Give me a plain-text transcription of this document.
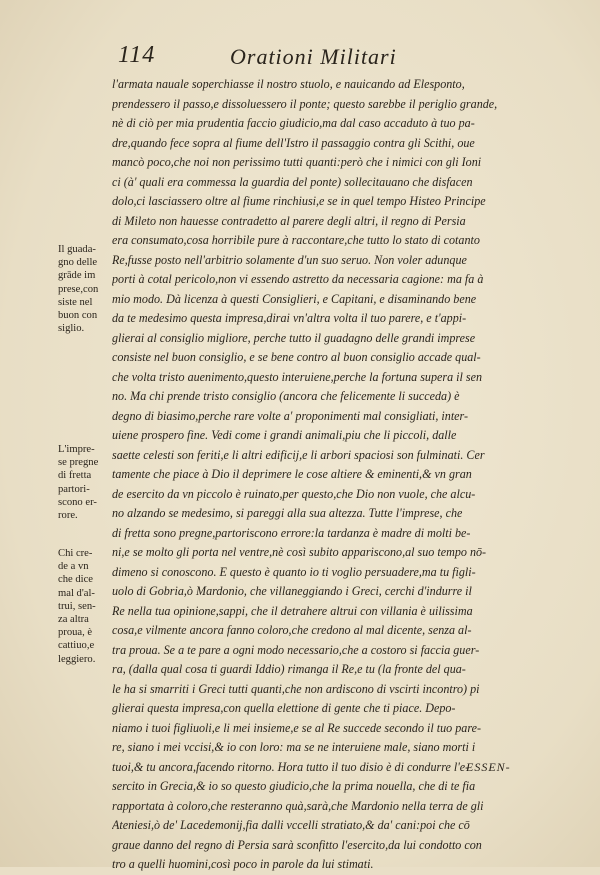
114	Orationi Militari
l'armata nauale soperchiasse il nostro stuolo, e nauicando ad Elesponto,
prendessero il passo,e dissoluessero il ponte; questo sarebbe il periglio grande,
nè di ciò per mia prudentia faccio giudicio,ma dal caso accaduto à tuo pa-
dre,quando fece sopra al fiume dell'Istro il passaggio contra gli Scithi, oue
mancò poco,che noi non perissimo tutti quanti:però che i nimici con gli Ioni
ci (à' quali era commessa la guardia del ponte) sollecitauano che disfacen
dolo,ci lasciassero oltre al fiume rinchiusi,e se in quel tempo Histeo Principe
di Mileto non hauesse contradetto al parere degli altri, il regno di Persia
era consumato,cosa horribile pure à raccontare,che tutto lo stato di cotanto
Re,fusse posto nell'arbitrio solamente d'un suo seruo. Non voler adunque
porti à cotal pericolo,non vi essendo astretto da necessaria cagione: ma fa à
mio modo. Dà licenza à questi Consiglieri, e Capitani, e disaminando bene
da te medesimo questa impresa,dirai vn'altra volta il tuo parere, e t'appi-
glierai al consiglio migliore, perche tutto il guadagno delle grandi imprese
consiste nel buon consiglio, e se bene contro al buon consiglio accade qual-
che volta tristo auenimento,questo interuiene,perche la fortuna supera il sen
no. Ma chi prende tristo consiglio (ancora che felicemente li succeda) è
degno di biasimo,perche rare volte a' proponimenti mal consigliati, inter-
uiene prospero fine. Vedi come i grandi animali,piu che li piccoli, dalle
saette celesti son feriti,e li altri edificij,e li arbori spaciosi son fulminati. Cer
tamente che piace à Dio il deprimere le cose altiere & eminenti,& vn gran
de esercito da vn piccolo è ruinato,per questo,che Dio non vuole, che alcu-
no alzando se medesimo, si pareggi alla sua altezza. Tutte l'imprese, che
di fretta sono pregne,partoriscono errore:la tardanza è madre di molti be-
ni,e se molto gli porta nel ventre,nè così subito appariscono,al suo tempo nō-
dimeno si conoscono. E questo è quanto io ti voglio persuadere,ma tu figli-
uolo di Gobria,ò Mardonio, che villaneggiando i Greci, cerchi d'indurre il
Re nella tua opinione,sappi, che il detrahere altrui con villania è uilissima
cosa,e vilmente ancora fanno coloro,che credono al mal dicente, senza al-
tra proua. Se a te pare a ogni modo necessario,che a costoro si faccia guer-
ra, (dalla qual cosa ti guardi Iddio) rimanga il Re,e tu (la fronte del qua-
le ha si smarriti i Greci tutti quanti,che non ardiscono di vscirti incontro) pi
glierai questa impresa,con quella elettione di gente che ti piace. Depo-
niamo i tuoi figliuoli,e li mei insieme,e se al Re succede secondo il tuo pare-
re, siano i mei vccisi,& io con loro: ma se ne interuiene male, siano morti i
tuoi,& tu ancora,facendo ritorno. Hora tutto il tuo disio è di condurre l'e-
sercito in Grecia,& io so questo giudicio,che la prima nouella, che di te fia
rapportata à coloro,che resteranno quà,sarà,che Mardonio nella terra de gli
Ateniesi,ò de' Lacedemonij,fia dalli vccelli stratiato,& da' cani:poi che cō
graue danno del regno di Persia sarà sconfitto l'esercito,da lui condotto con
tro a quelli huomini,così poco in parole da lui stimati.
Il guada-
gno delle
grāde im
prese,con
siste nel
buon con
siglio.
L'impre-
se pregne
di fretta
partori-
scono er-
rore.
Chi cre-
de a vn
che dice
mal d'al-
trui, sen-
za altra
proua, è
cattiuo,e
leggiero.
ESSEN-
